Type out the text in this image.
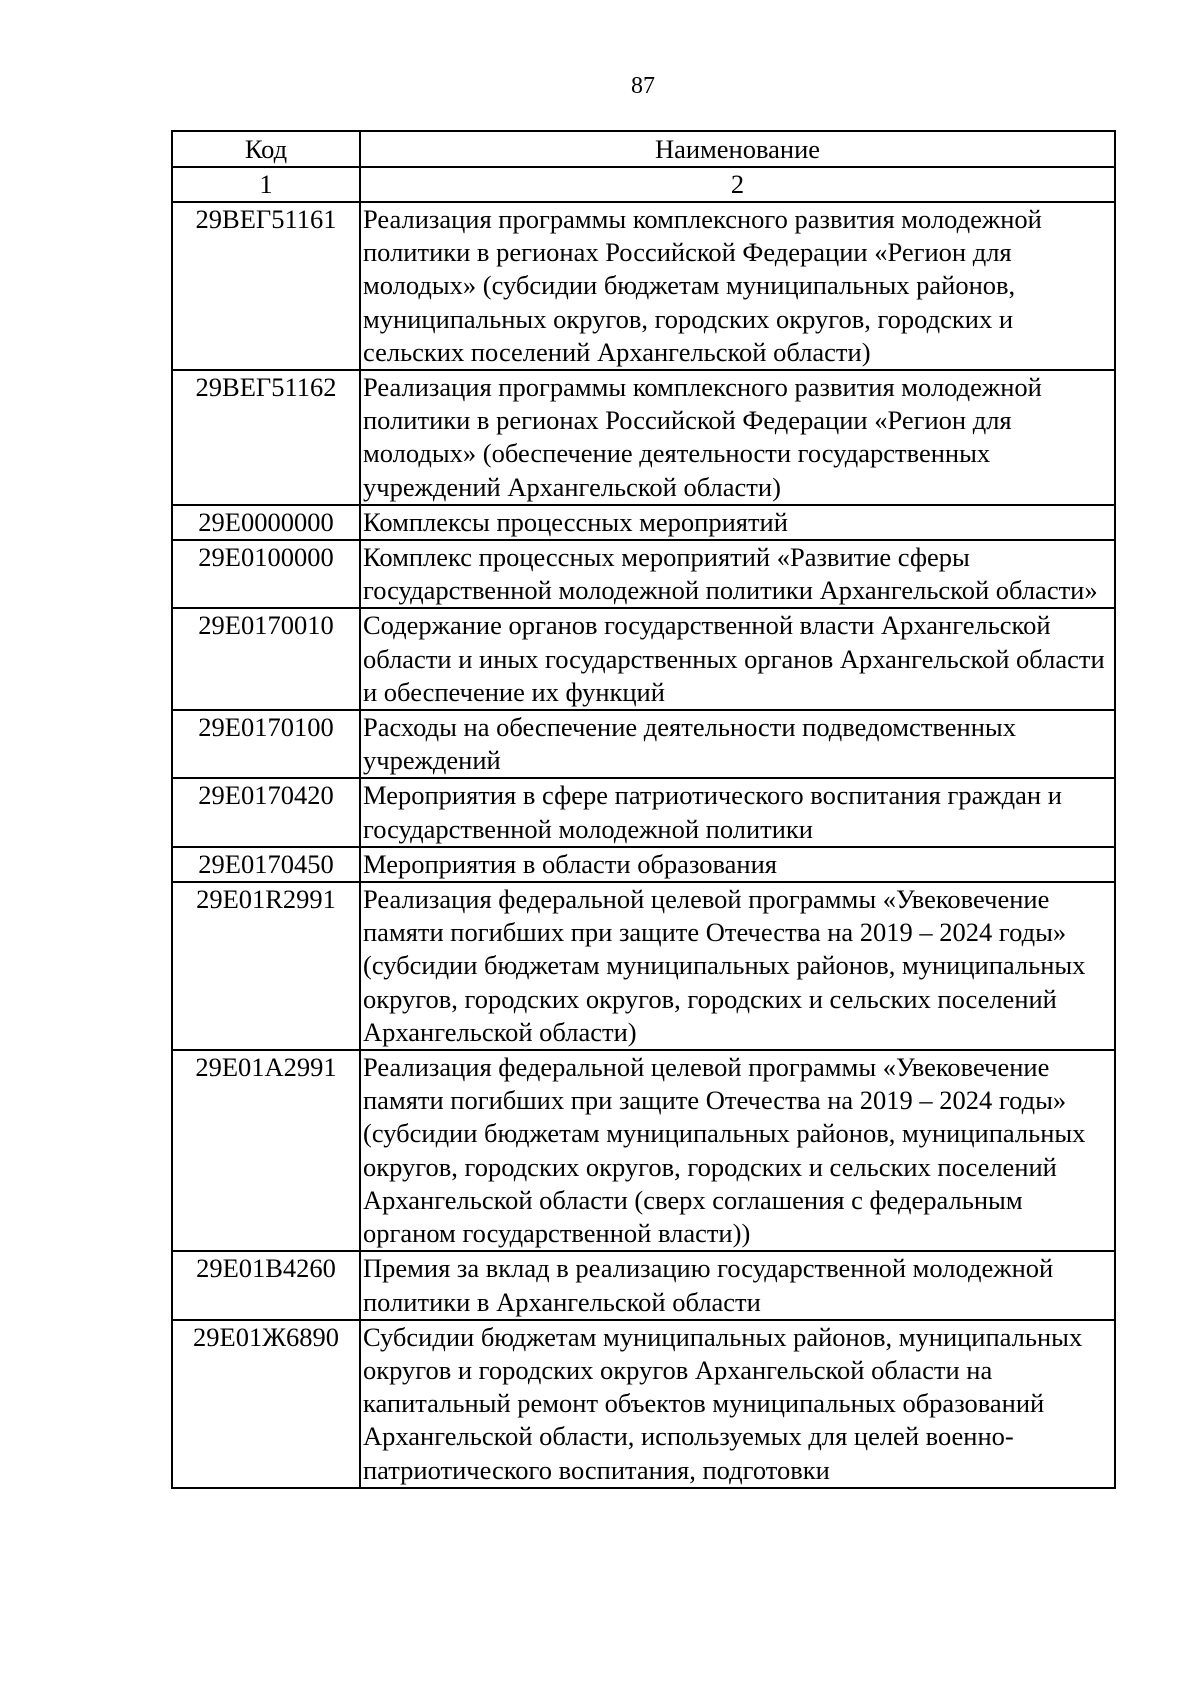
87
Код	Наименование
1	2
29ВЕГ51161	Реализация программы комплексного развития молодежной политики в регионах Российской Федерации «Регион для молодых» (субсидии бюджетам муниципальных районов, муниципальных округов, городских округов, городских и сельских поселений Архангельской области)
29ВЕГ51162	Реализация программы комплексного развития молодежной политики в регионах Российской Федерации «Регион для молодых» (обеспечение деятельности государственных учреждений Архангельской области)
29Е0000000	Комплексы процессных мероприятий
29Е0100000	Комплекс процессных мероприятий «Развитие сферы государственной молодежной политики Архангельской области»
29Е0170010	Содержание органов государственной власти Архангельской области и иных государственных органов Архангельской области и обеспечение их функций
29Е0170100	Расходы на обеспечение деятельности подведомственных учреждений
29Е0170420	Мероприятия в сфере патриотического воспитания граждан и государственной молодежной политики
29Е0170450	Мероприятия в области образования
29Е01R2991	Реализация федеральной целевой программы «Увековечение памяти погибших при защите Отечества на 2019 – 2024 годы» (субсидии бюджетам муниципальных районов, муниципальных округов, городских округов, городских и сельских поселений Архангельской области)
29Е01А2991	Реализация федеральной целевой программы «Увековечение памяти погибших при защите Отечества на 2019 – 2024 годы» (субсидии бюджетам муниципальных районов, муниципальных округов, городских округов, городских и сельских поселений Архангельской области (сверх соглашения с федеральным органом государственной власти))
29Е01В4260	Премия за вклад в реализацию государственной молодежной политики в Архангельской области
29Е01Ж6890	Субсидии бюджетам муниципальных районов, муниципальных округов и городских округов Архангельской области на капитальный ремонт объектов муниципальных образований Архангельской области, используемых для целей военно-патриотического воспитания, подготовки
